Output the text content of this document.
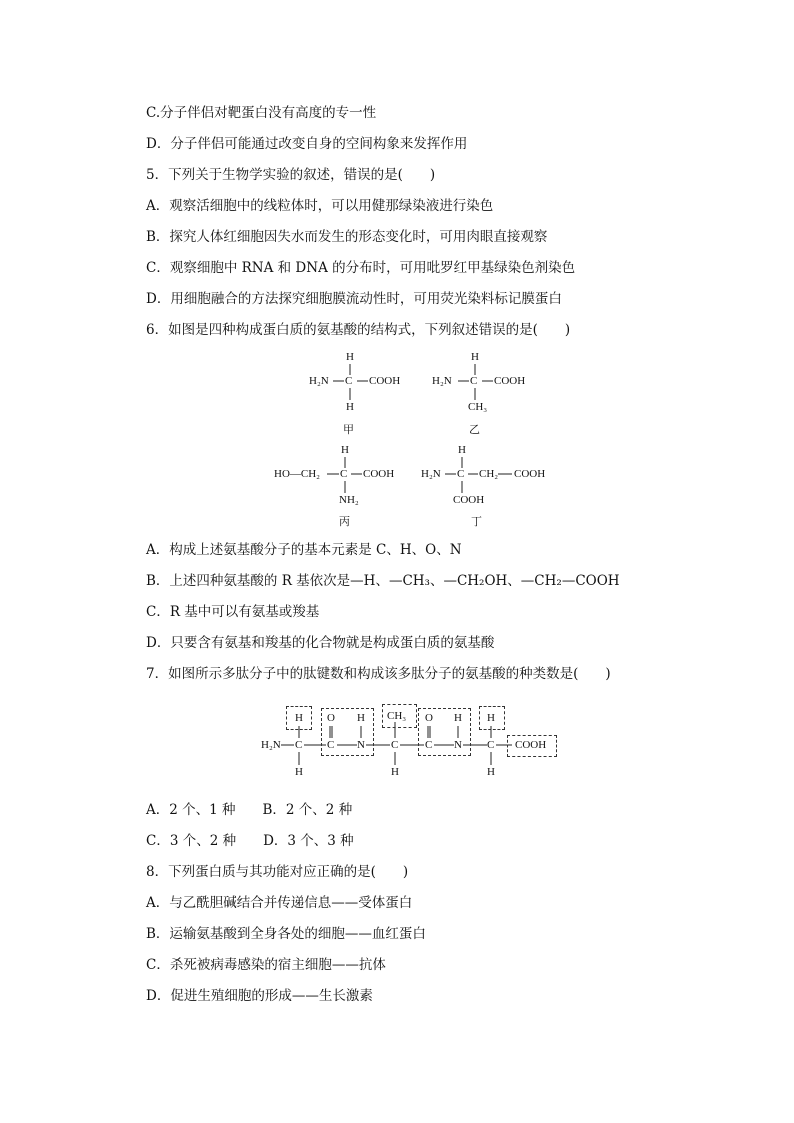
C.分子伴侣对靶蛋白没有高度的专一性
D．分子伴侣可能通过改变自身的空间构象来发挥作用
5．下列关于生物学实验的叙述，错误的是(　　)
A．观察活细胞中的线粒体时，可以用健那绿染液进行染色
B．探究人体红细胞因失水而发生的形态变化时，可用肉眼直接观察
C．观察细胞中 RNA 和 DNA 的分布时，可用吡罗红甲基绿染色剂染色
D．用细胞融合的方法探究细胞膜流动性时，可用荧光染料标记膜蛋白
6．如图是四种构成蛋白质的氨基酸的结构式，下列叙述错误的是(　　)
H
H₂N C COOH
H
甲
H
H₂N C COOH
CH₃
乙
H
HO—CH₂ C COOH
NH₂
丙
H
H₂N C CH₂ COOH
COOH
丁
A．构成上述氨基酸分子的基本元素是 C、H、O、N
B．上述四种氨基酸的 R 基依次是—H、—CH₃、—CH₂OH、—CH₂—COOH
C．R 基中可以有氨基或羧基
D．只要含有氨基和羧基的化合物就是构成蛋白质的氨基酸
7．如图所示多肽分子中的肽键数和构成该多肽分子的氨基酸的种类数是(　　)
H₂N C
H
H
O
C N
H
C
CH₃
H
O
C N
H
C
H
H
COOH
A．2 个、1 种　　B．2 个、2 种
C．3 个、2 种　　D．3 个、3 种
8．下列蛋白质与其功能对应正确的是(　　)
A．与乙酰胆碱结合并传递信息——受体蛋白
B．运输氨基酸到全身各处的细胞——血红蛋白
C．杀死被病毒感染的宿主细胞——抗体
D．促进生殖细胞的形成——生长激素
